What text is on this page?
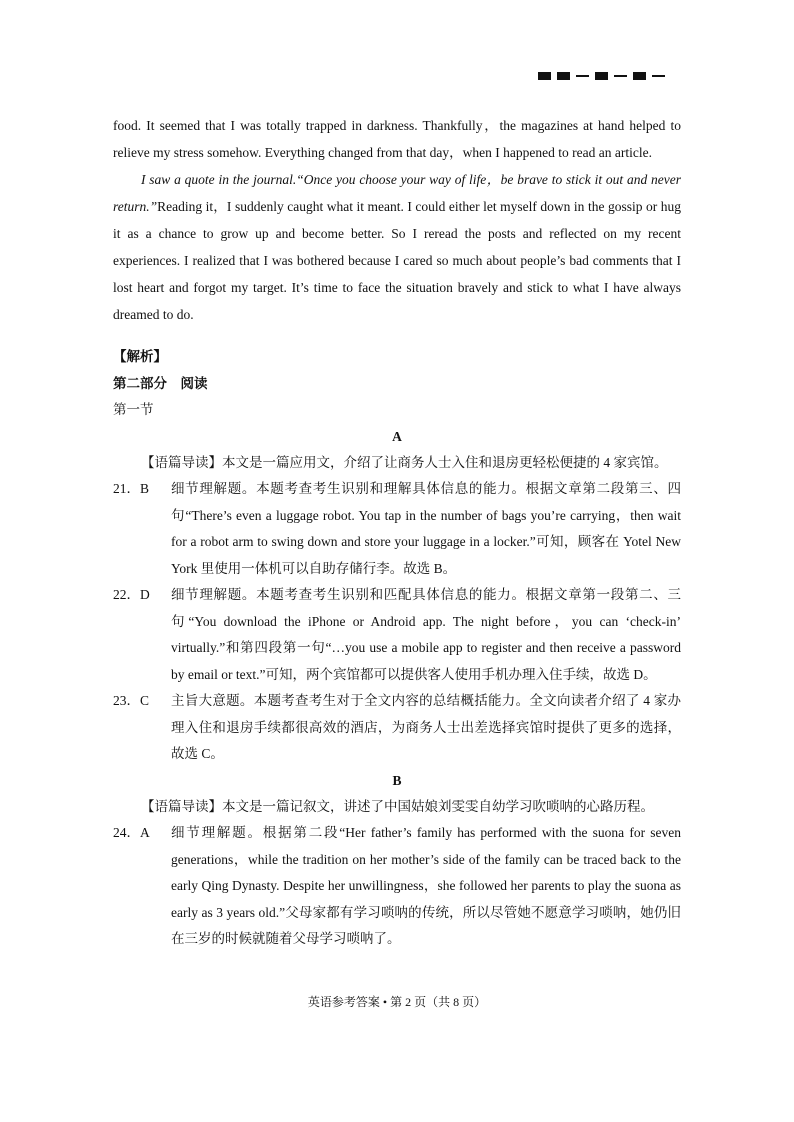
food. It seemed that I was totally trapped in darkness. Thankfully，the magazines at hand helped to relieve my stress somehow. Everything changed from that day，when I happened to read an article.

I saw a quote in the journal.“Once you choose your way of life，be brave to stick it out and never return.”Reading it，I suddenly caught what it meant. I could either let myself down in the gossip or hug it as a chance to grow up and become better. So I reread the posts and reflected on my recent experiences. I realized that I was bothered because I cared so much about people’s bad comments that I lost heart and forgot my target. It’s time to face the situation bravely and stick to what I have always dreamed to do.

【解析】

第二部分　阅读

第一节

A

【语篇导读】本文是一篇应用文，介绍了让商务人士入住和退房更轻松便捷的 4 家宾馆。

21．B	细节理解题。本题考查考生识别和理解具体信息的能力。根据文章第二段第三、四句“There’s even a luggage robot. You tap in the number of bags you’re carrying，then wait for a robot arm to swing down and store your luggage in a locker.”可知，顾客在 Yotel New York 里使用一体机可以自助存储行李。故选 B。
22．D	细节理解题。本题考查考生识别和匹配具体信息的能力。根据文章第一段第二、三句“You download the iPhone or Android app. The night before，you can ‘check-in’ virtually.”和第四段第一句“…you use a mobile app to register and then receive a password by email or text.”可知，两个宾馆都可以提供客人使用手机办理入住手续，故选 D。
23．C	主旨大意题。本题考查考生对于全文内容的总结概括能力。全文向读者介绍了 4 家办理入住和退房手续都很高效的酒店，为商务人士出差选择宾馆时提供了更多的选择，故选 C。

B

【语篇导读】本文是一篇记叙文，讲述了中国姑娘刘雯雯自幼学习吹唢呐的心路历程。

24．A	细节理解题。根据第二段“Her father’s family has performed with the suona for seven generations，while the tradition on her mother’s side of the family can be traced back to the early Qing Dynasty. Despite her unwillingness，she followed her parents to play the suona as early as 3 years old.”父母家都有学习唢呐的传统，所以尽管她不愿意学习唢呐，她仍旧在三岁的时候就随着父母学习唢呐了。
英语参考答案 • 第 2 页（共 8 页）
